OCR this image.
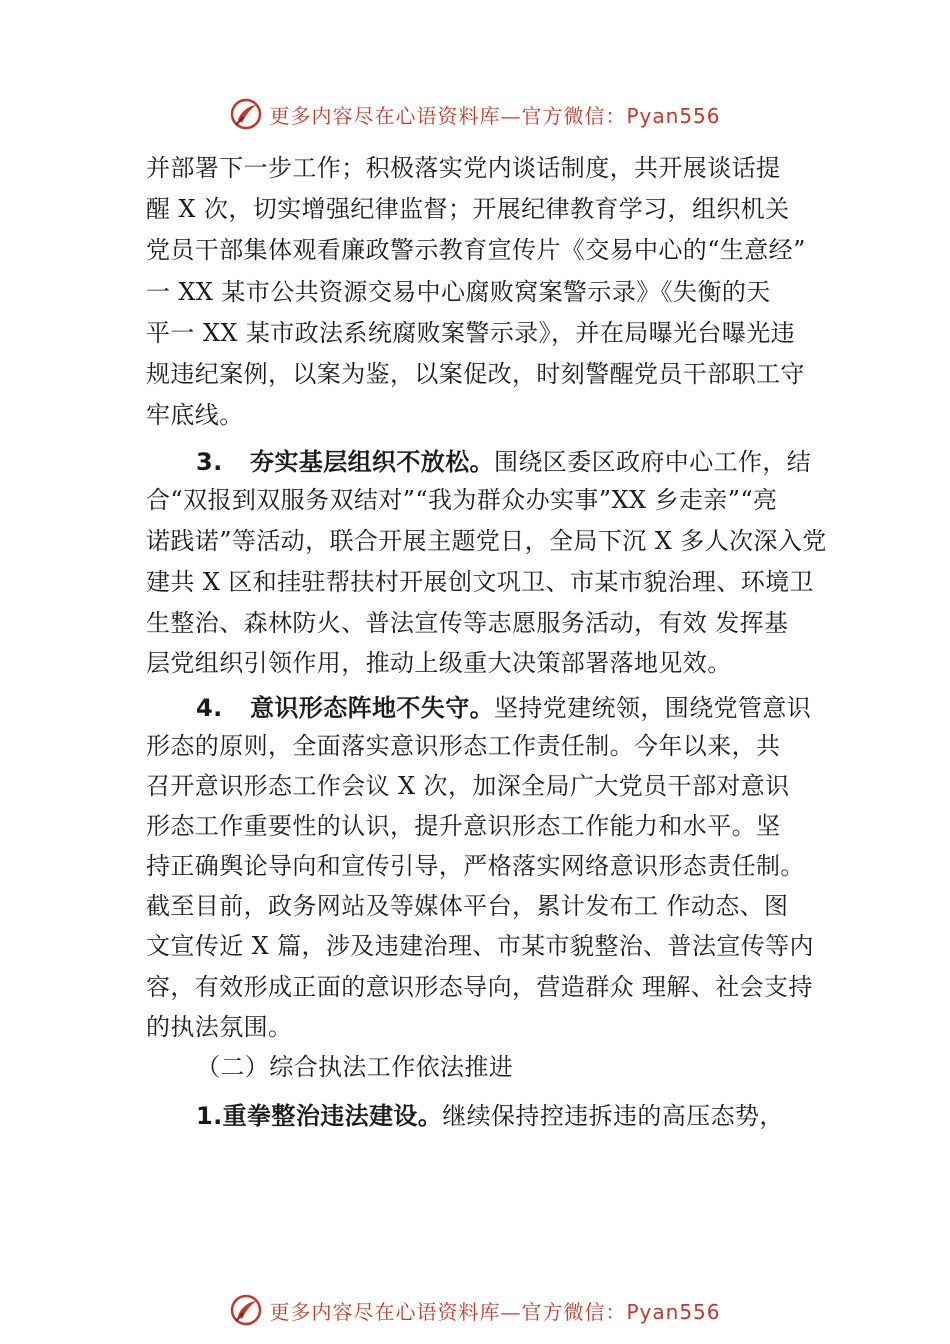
更多内容尽在心语资料库—官方微信：Pyan556
并部署下一步工作；积极落实党内谈话制度，共开展谈话提
醒 X 次，切实增强纪律监督；开展纪律教育学习，组织机关
党员干部集体观看廉政警示教育宣传片《交易中心的“生意经”
一 XX 某市公共资源交易中心腐败窝案警示录》《失衡的天
平一 XX 某市政法系统腐败案警示录》，并在局曝光台曝光违
规违纪案例，以案为鉴，以案促改，时刻警醒党员干部职工守
牢底线。
3. 夯实基层组织不放松。围绕区委区政府中心工作，结
合“双报到双服务双结对”“我为群众办实事”XX 乡走亲”“亮
诺践诺”等活动，联合开展主题党日，全局下沉 X 多人次深入党
建共 X 区和挂驻帮扶村开展创文巩卫、市某市貌治理、环境卫
生整治、森林防火、普法宣传等志愿服务活动，有效 发挥基
层党组织引领作用，推动上级重大决策部署落地见效。
4. 意识形态阵地不失守。坚持党建统领，围绕党管意识
形态的原则，全面落实意识形态工作责任制。今年以来，共
召开意识形态工作会议 X 次，加深全局广大党员干部对意识
形态工作重要性的认识，提升意识形态工作能力和水平。坚
持正确舆论导向和宣传引导，严格落实网络意识形态责任制。
截至目前，政务网站及等媒体平台，累计发布工 作动态、图
文宣传近 X 篇，涉及违建治理、市某市貌整治、普法宣传等内
容，有效形成正面的意识形态导向，营造群众 理解、社会支持
的执法氛围。
（二）综合执法工作依法推进
1.重拳整治违法建设。继续保持控违拆违的高压态势，
更多内容尽在心语资料库—官方微信：Pyan556
